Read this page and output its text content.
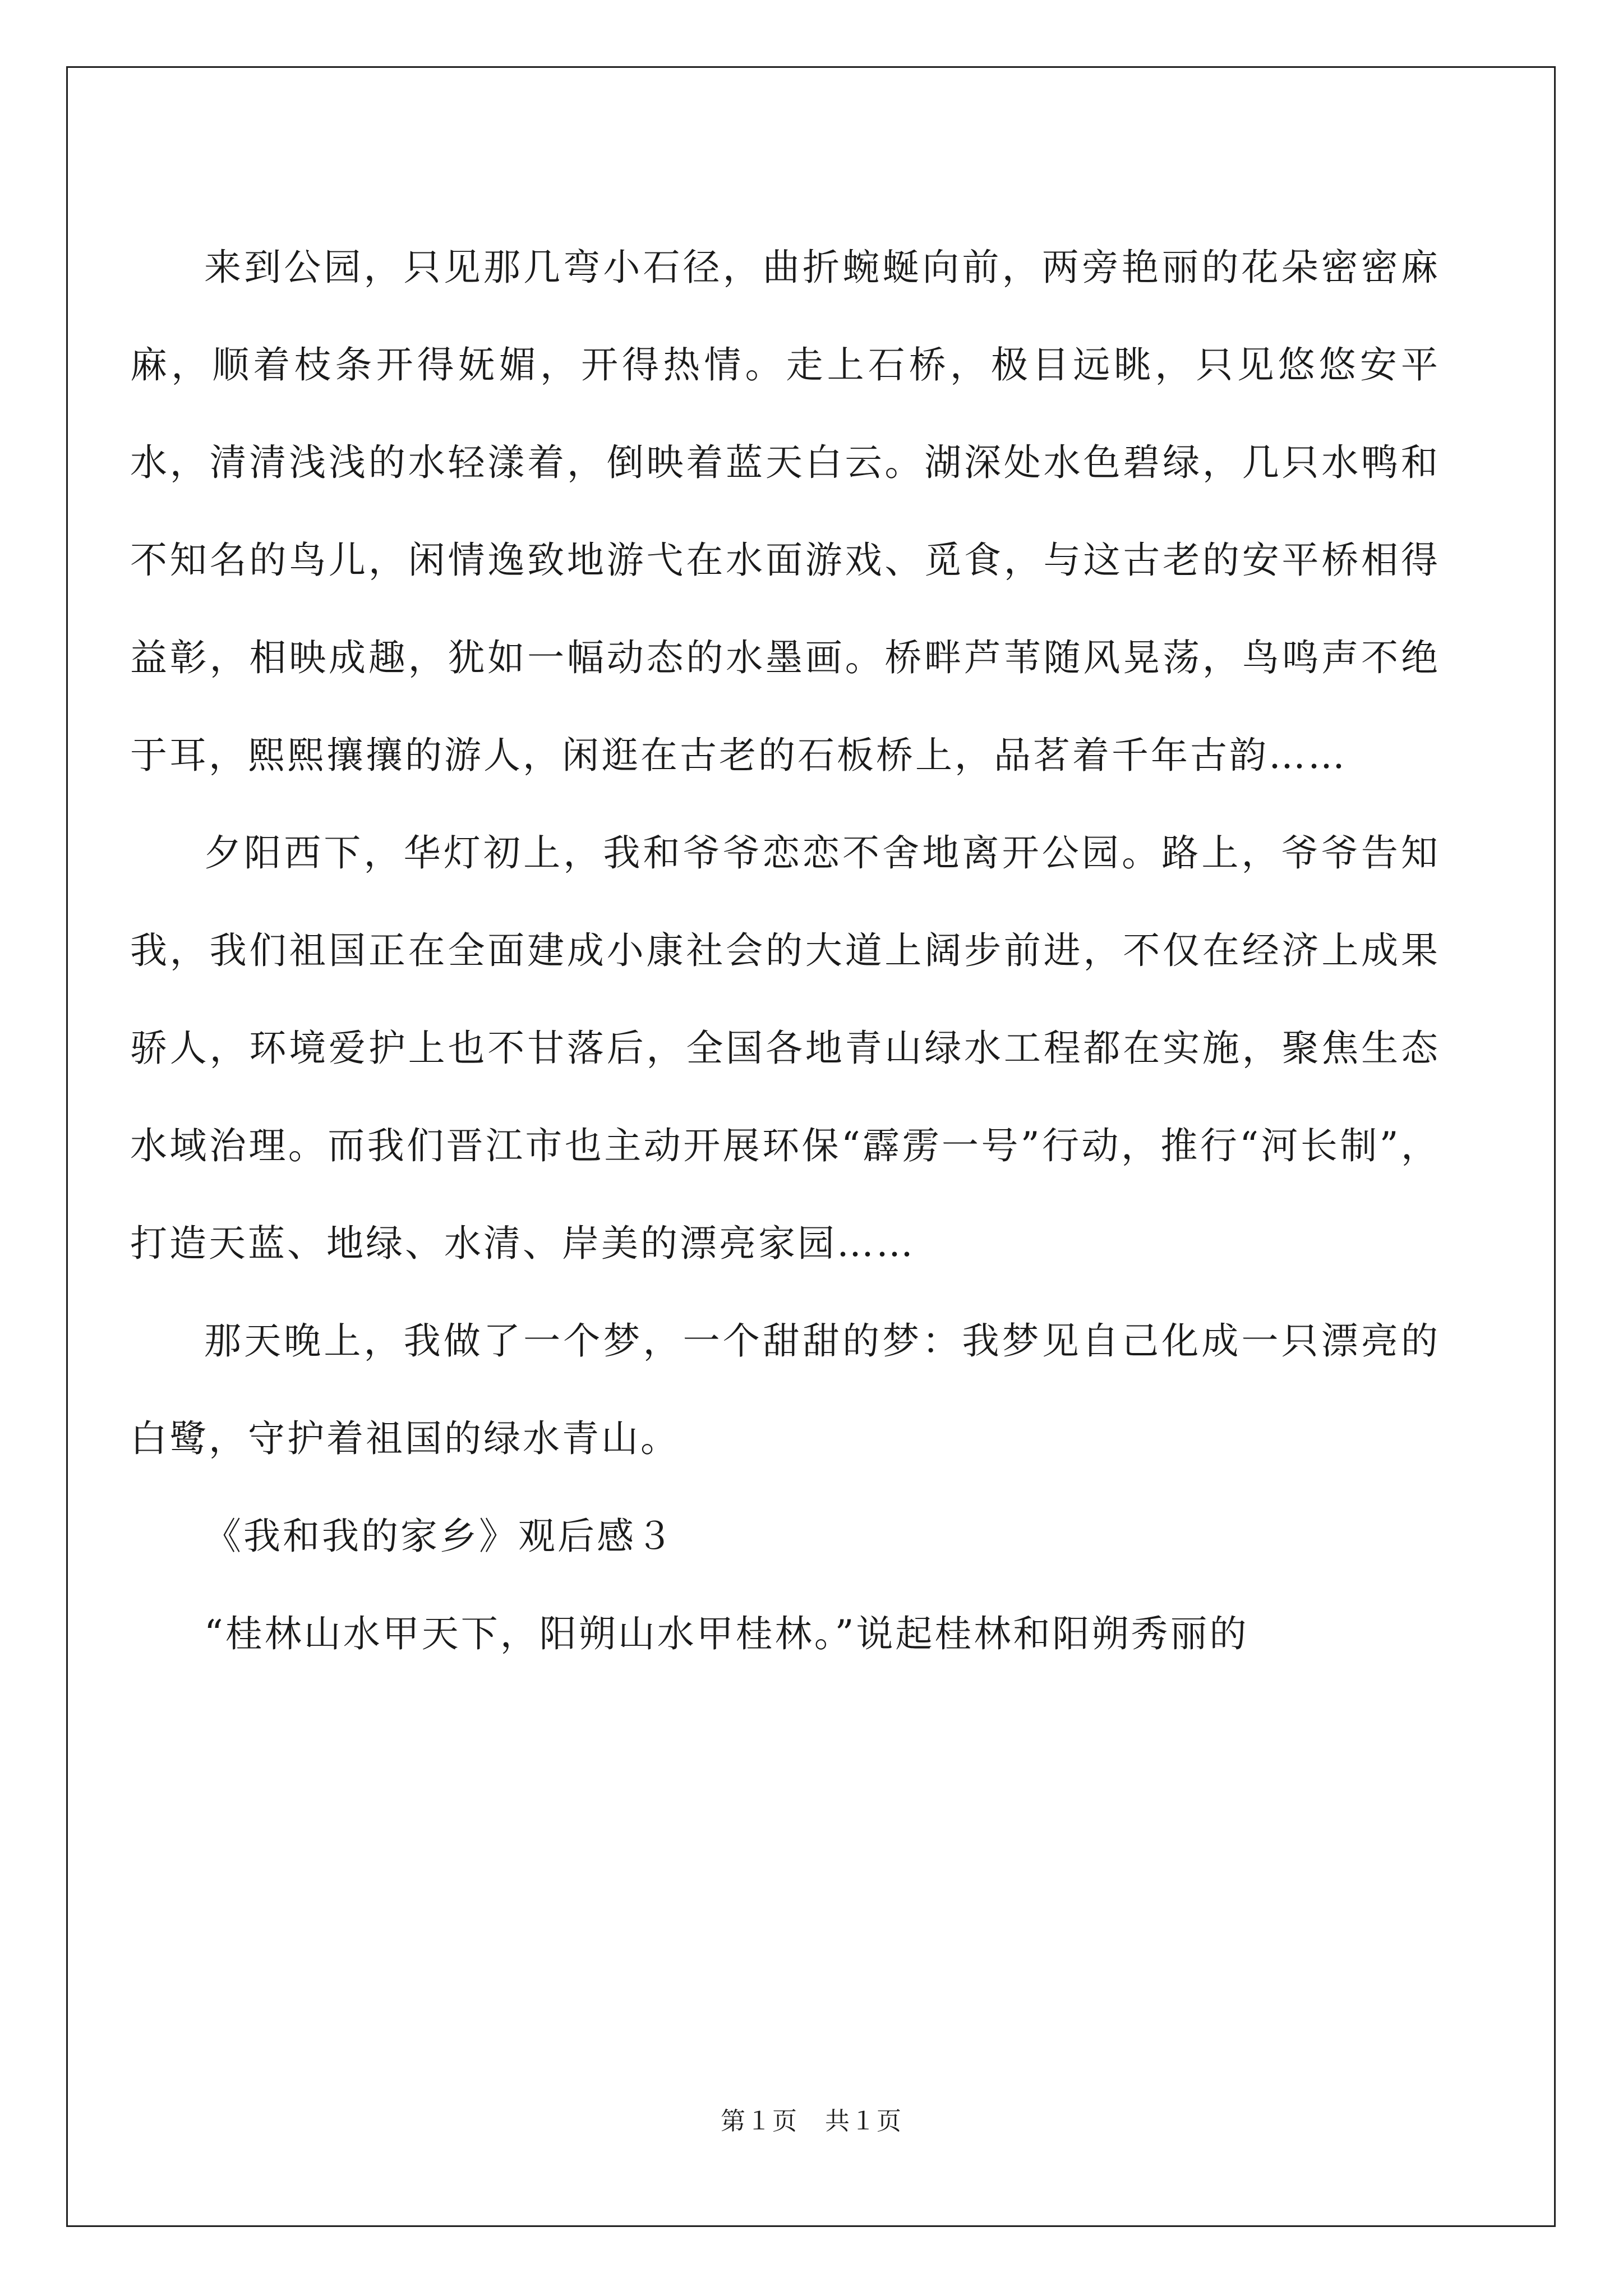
来到公园，只见那几弯小石径，曲折蜿蜒向前，两旁艳丽的花朵密密麻麻，顺着枝条开得妩媚，开得热情。走上石桥，极目远眺，只见悠悠安平水，清清浅浅的水轻漾着，倒映着蓝天白云。湖深处水色碧绿，几只水鸭和不知名的鸟儿，闲情逸致地游弋在水面游戏、觅食，与这古老的安平桥相得益彰，相映成趣，犹如一幅动态的水墨画。桥畔芦苇随风晃荡，鸟鸣声不绝于耳，熙熙攘攘的游人，闲逛在古老的石板桥上，品茗着千年古韵……

夕阳西下，华灯初上，我和爷爷恋恋不舍地离开公园。路上，爷爷告知我，我们祖国正在全面建成小康社会的大道上阔步前进，不仅在经济上成果骄人，环境爱护上也不甘落后，全国各地青山绿水工程都在实施，聚焦生态水域治理。而我们晋江市也主动开展环保“霹雳一号”行动，推行“河长制”，打造天蓝、地绿、水清、岸美的漂亮家园……

那天晚上，我做了一个梦，一个甜甜的梦：我梦见自己化成一只漂亮的白鹭，守护着祖国的绿水青山。

《我和我的家乡》观后感３

“桂林山水甲天下，阳朔山水甲桂林。”说起桂林和阳朔秀丽的

第１页 共１页
